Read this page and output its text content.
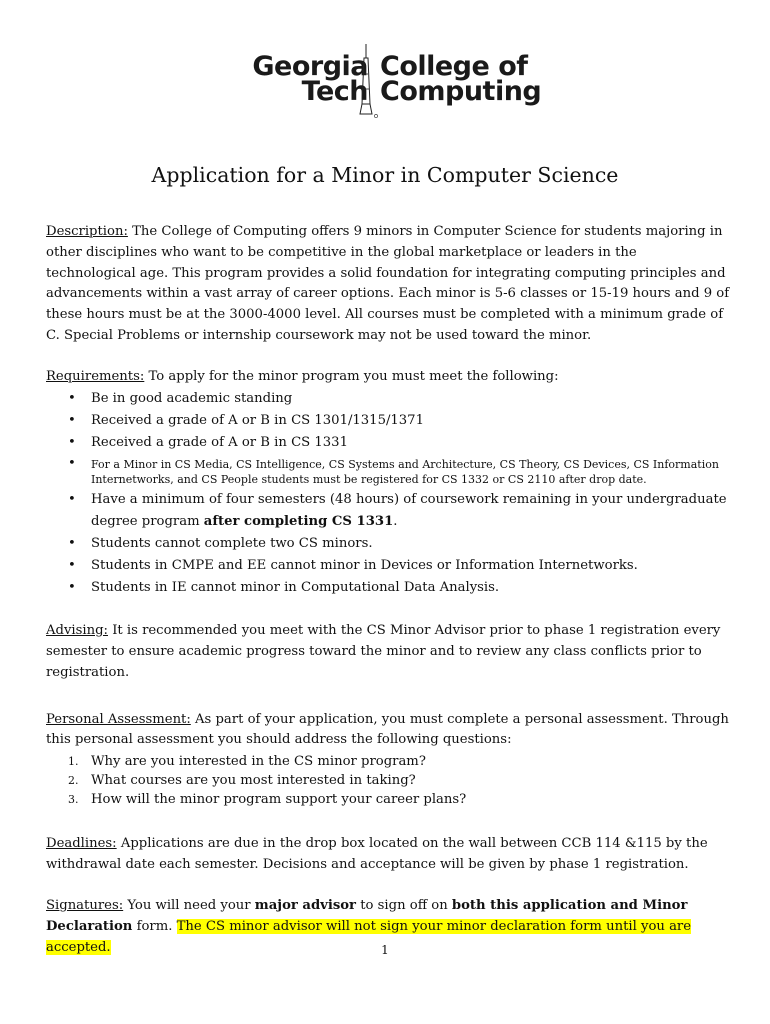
Georgia
Tech
College of
Computing
Application for a Minor in Computer Science
Description: The College of Computing offers 9 minors in Computer Science for students majoring in other disciplines who want to be competitive in the global marketplace or leaders in the technological age. This program provides a solid foundation for integrating computing principles and advancements within a vast array of career options. Each minor is 5-6 classes or 15-19 hours and 9 of these hours must be at the 3000-4000 level. All courses must be completed with a minimum grade of C. Special Problems or internship coursework may not be used toward the minor.
Requirements: To apply for the minor program you must meet the following:
• Be in good academic standing
• Received a grade of A or B in CS 1301/1315/1371
• Received a grade of A or B in CS 1331
• For a Minor in CS Media, CS Intelligence, CS Systems and Architecture, CS Theory, CS Devices, CS Information Internetworks, and CS People students must be registered for CS 1332 or CS 2110 after drop date.
• Have a minimum of four semesters (48 hours) of coursework remaining in your undergraduate degree program after completing CS 1331.
• Students cannot complete two CS minors.
• Students in CMPE and EE cannot minor in Devices or Information Internetworks.
• Students in IE cannot minor in Computational Data Analysis.
Advising: It is recommended you meet with the CS Minor Advisor prior to phase 1 registration every semester to ensure academic progress toward the minor and to review any class conflicts prior to registration.
Personal Assessment: As part of your application, you must complete a personal assessment. Through this personal assessment you should address the following questions:
1. Why are you interested in the CS minor program?
2. What courses are you most interested in taking?
3. How will the minor program support your career plans?
Deadlines: Applications are due in the drop box located on the wall between CCB 114 &115 by the withdrawal date each semester. Decisions and acceptance will be given by phase 1 registration.
Signatures: You will need your major advisor to sign off on both this application and Minor Declaration form. The CS minor advisor will not sign your minor declaration form until you are accepted.	1
